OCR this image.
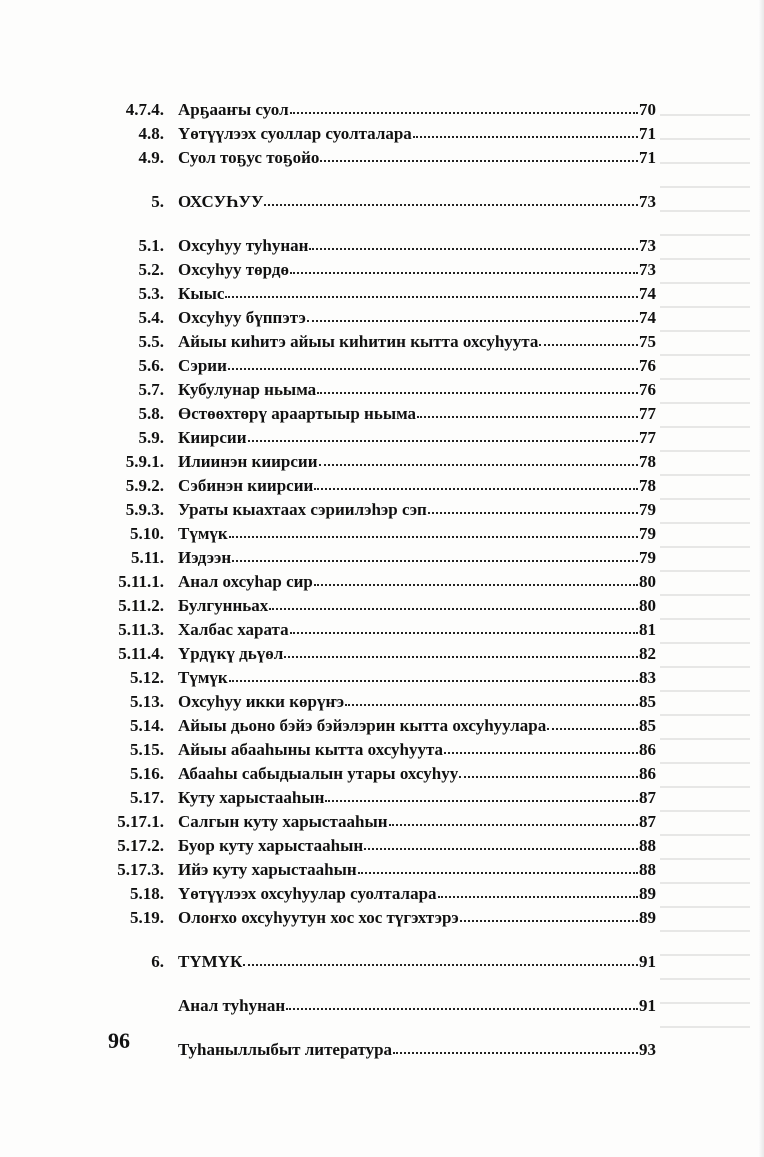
4.7.4. Арҕааҥы суол	70
4.8. Үөтүүлээх суоллар суолталара	71
4.9. Суол тоҕус тоҕойо	71
5. ОХСУҺУУ	73
5.1. Охсуһуу туһунан	73
5.2. Охсуһуу төрдө	73
5.3. Кыыс	74
5.4. Охсуһуу бүппэтэ	74
5.5. Айыы киһитэ айыы киһитин кытта охсуһуута	75
5.6. Сэрии	76
5.7. Кубулунар ньыма	76
5.8. Өстөөхтөрү араартыыр ньыма	77
5.9. Киирсии	77
5.9.1. Илиинэн киирсии	78
5.9.2. Сэбинэн киирсии	78
5.9.3. Ураты кыахтаах сэриилэһэр сэп	79
5.10. Түмүк	79
5.11. Иэдээн	79
5.11.1. Анал охсуһар сир	80
5.11.2. Булгунньах	80
5.11.3. Халбас харата	81
5.11.4. Үрдүкү дьүөл	82
5.12. Түмүк	83
5.13. Охсуһуу икки көрүҥэ	85
5.14. Айыы дьоно бэйэ бэйэлэрин кытта охсуһуулара	85
5.15. Айыы абааһыны кытта охсуһуута	86
5.16. Абааһы сабыдыалын утары охсуһуу	86
5.17. Куту харыстааһын	87
5.17.1. Салгын куту харыстааһын	87
5.17.2. Буор куту харыстааһын	88
5.17.3. Ийэ куту харыстааһын	88
5.18. Үөтүүлээх охсуһуулар суолталара	89
5.19. Олоҥхо охсуһуутун хос хос түгэхтэрэ	89
6. ТҮМҮК	91
Анал туһунан	91
Туһаныллыбыт литература	93
96
